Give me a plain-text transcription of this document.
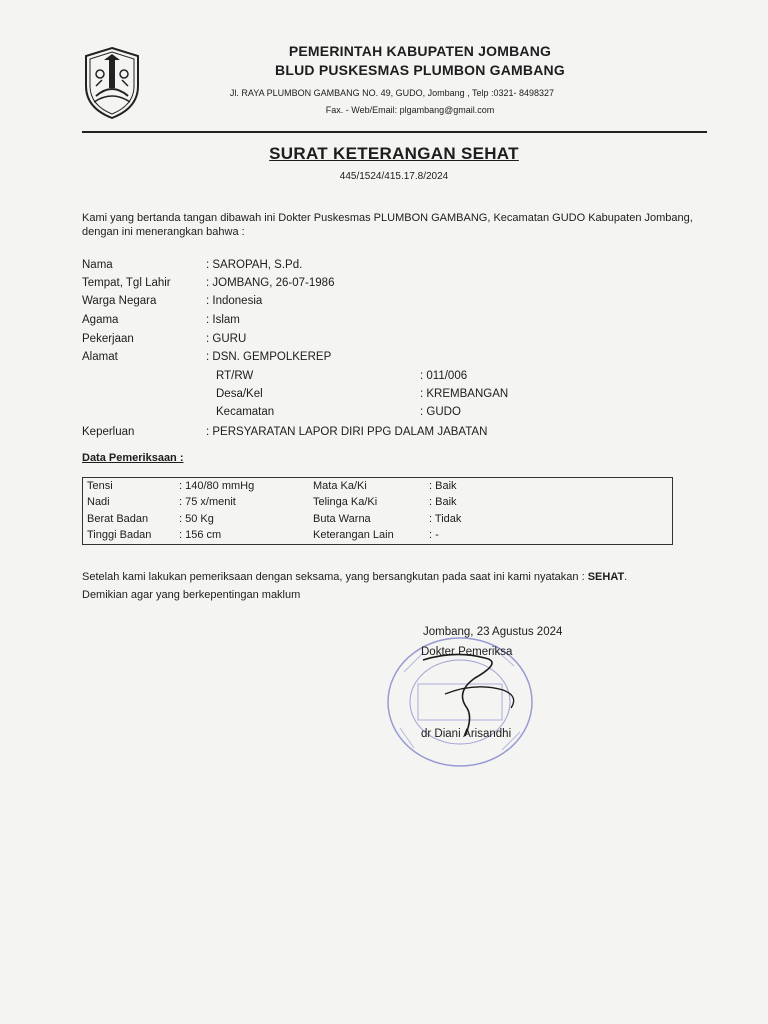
PEMERINTAH KABUPATEN JOMBANG
BLUD PUSKESMAS PLUMBON GAMBANG
Jl. RAYA PLUMBON GAMBANG NO. 49, GUDO, Jombang , Telp :0321- 8498327
Fax. - Web/Email: plgambang@gmail.com
SURAT KETERANGAN SEHAT
445/1524/415.17.8/2024
Kami yang bertanda tangan dibawah ini Dokter Puskesmas PLUMBON GAMBANG, Kecamatan GUDO Kabupaten Jombang, dengan ini menerangkan bahwa :
Nama	: SAROPAH, S.Pd.
Tempat, Tgl Lahir	: JOMBANG, 26-07-1986
Warga Negara	: Indonesia
Agama	: Islam
Pekerjaan	: GURU
Alamat	: DSN. GEMPOLKEREP
RT/RW	: 011/006
Desa/Kel	: KREMBANGAN
Kecamatan	: GUDO
Keperluan	: PERSYARATAN LAPOR DIRI PPG DALAM JABATAN
Data Pemeriksaan :
Tensi	: 140/80 mmHg	Mata Ka/Ki	: Baik
Nadi	: 75 x/menit	Telinga Ka/Ki	: Baik
Berat Badan	: 50 Kg	Buta Warna	: Tidak
Tinggi Badan	: 156 cm	Keterangan Lain	: -
Setelah kami lakukan pemeriksaan dengan seksama, yang bersangkutan pada saat ini kami nyatakan : SEHAT.
Demikian agar yang berkepentingan maklum
Jombang, 23 Agustus 2024
Dokter Pemeriksa
dr Diani Arisandhi
